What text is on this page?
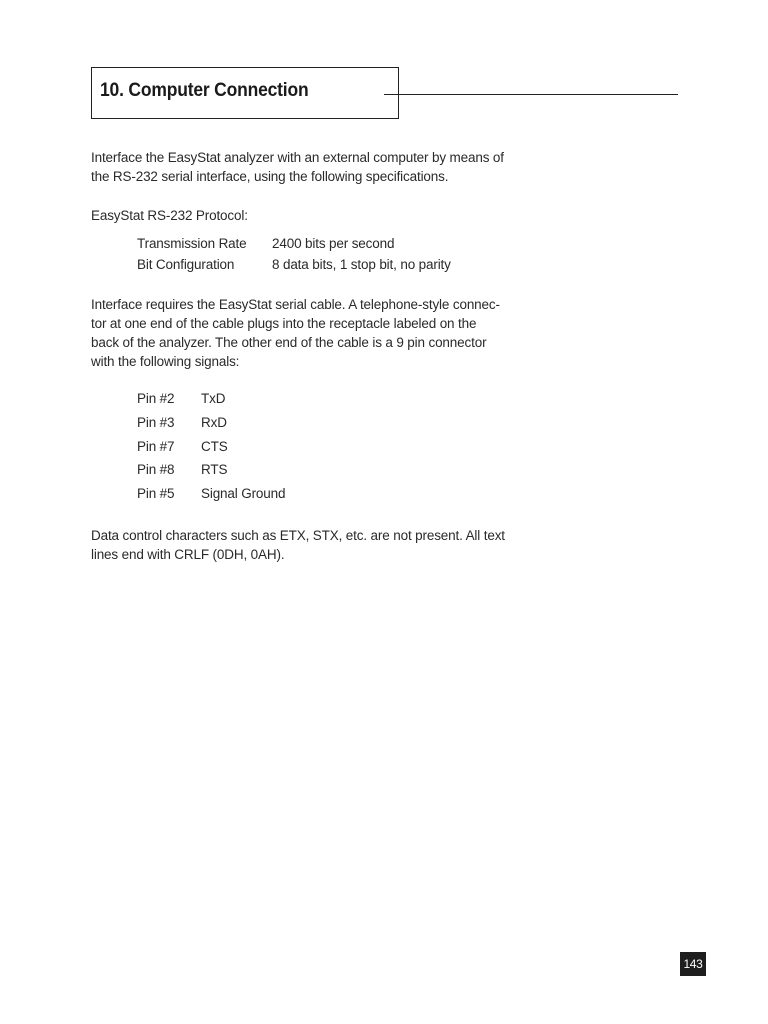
10. Computer Connection

Interface the EasyStat analyzer with an external computer by means of
the RS-232 serial interface, using the following specifications.

EasyStat RS-232 Protocol:

Transmission Rate 2400 bits per second
Bit Configuration	8 data bits, 1 stop bit, no parity

Interface requires the EasyStat serial cable. A telephone-style connec-
tor at one end of the cable plugs into the receptacle labeled on the
back of the analyzer. The other end of the cable is a 9 pin connector
with the following signals:

Pin #2 TxD
Pin #3 RxD
Pin #7 CTS
Pin #8 RTS
Pin #5 Signal Ground

Data control characters such as ETX, STX, etc. are not present. All text
lines end with CRLF (0DH, 0AH).

143
